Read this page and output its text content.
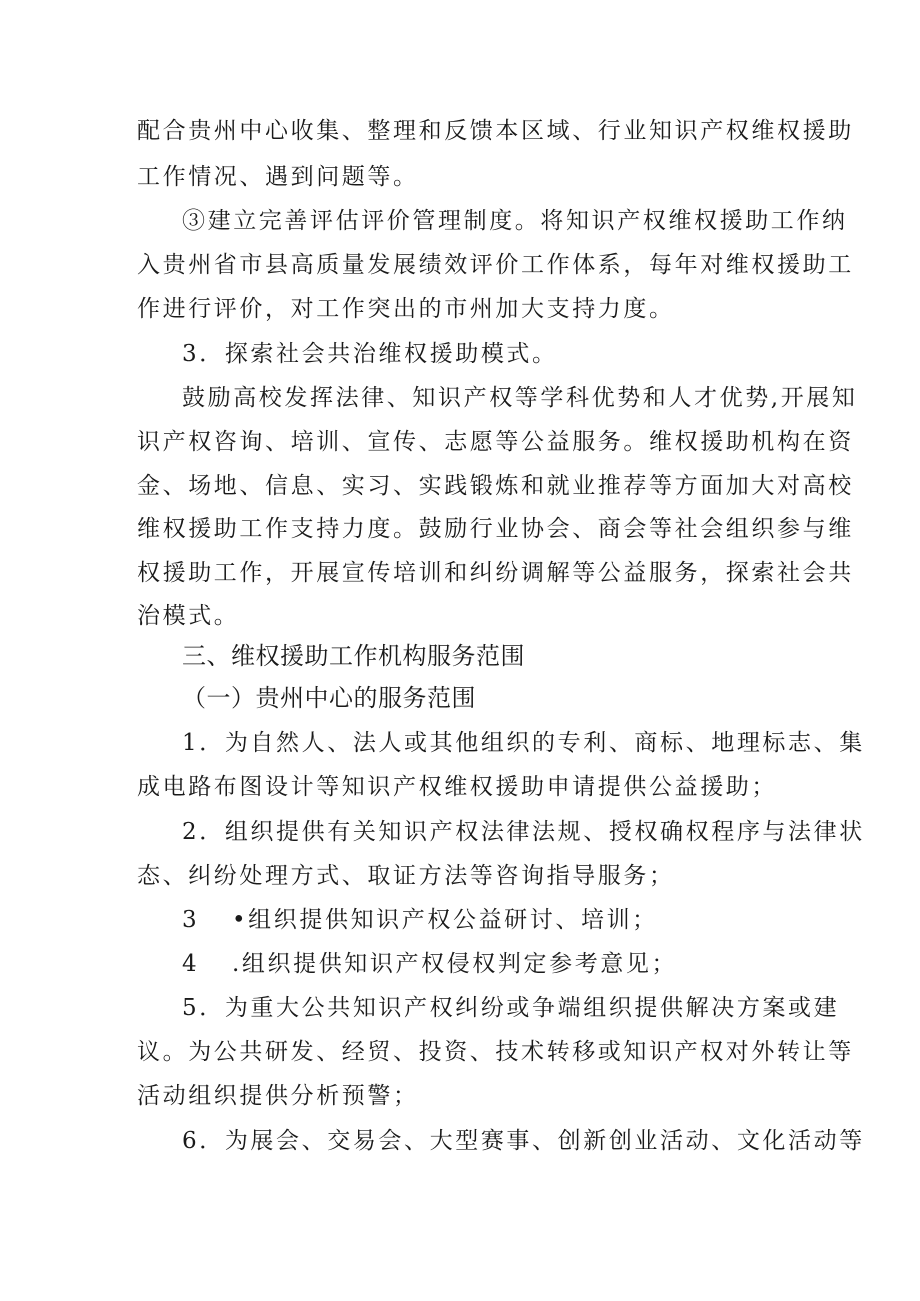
配合贵州中心收集、整理和反馈本区域、行业知识产权维权援助
工作情况、遇到问题等。
③建立完善评估评价管理制度。将知识产权维权援助工作纳
入贵州省市县高质量发展绩效评价工作体系，每年对维权援助工
作进行评价，对工作突出的市州加大支持力度。
3．探索社会共治维权援助模式。
鼓励高校发挥法律、知识产权等学科优势和人才优势,开展知
识产权咨询、培训、宣传、志愿等公益服务。维权援助机构在资
金、场地、信息、实习、实践锻炼和就业推荐等方面加大对高校
维权援助工作支持力度。鼓励行业协会、商会等社会组织参与维
权援助工作，开展宣传培训和纠纷调解等公益服务，探索社会共
治模式。
三、维权援助工作机构服务范围
（一）贵州中心的服务范围
1．为自然人、法人或其他组织的专利、商标、地理标志、集
成电路布图设计等知识产权维权援助申请提供公益援助；
2．组织提供有关知识产权法律法规、授权确权程序与法律状
态、纠纷处理方式、取证方法等咨询指导服务；
3 •组织提供知识产权公益研讨、培训；
4 .组织提供知识产权侵权判定参考意见；
5．为重大公共知识产权纠纷或争端组织提供解决方案或建
议。为公共研发、经贸、投资、技术转移或知识产权对外转让等
活动组织提供分析预警；
6．为展会、交易会、大型赛事、创新创业活动、文化活动等
